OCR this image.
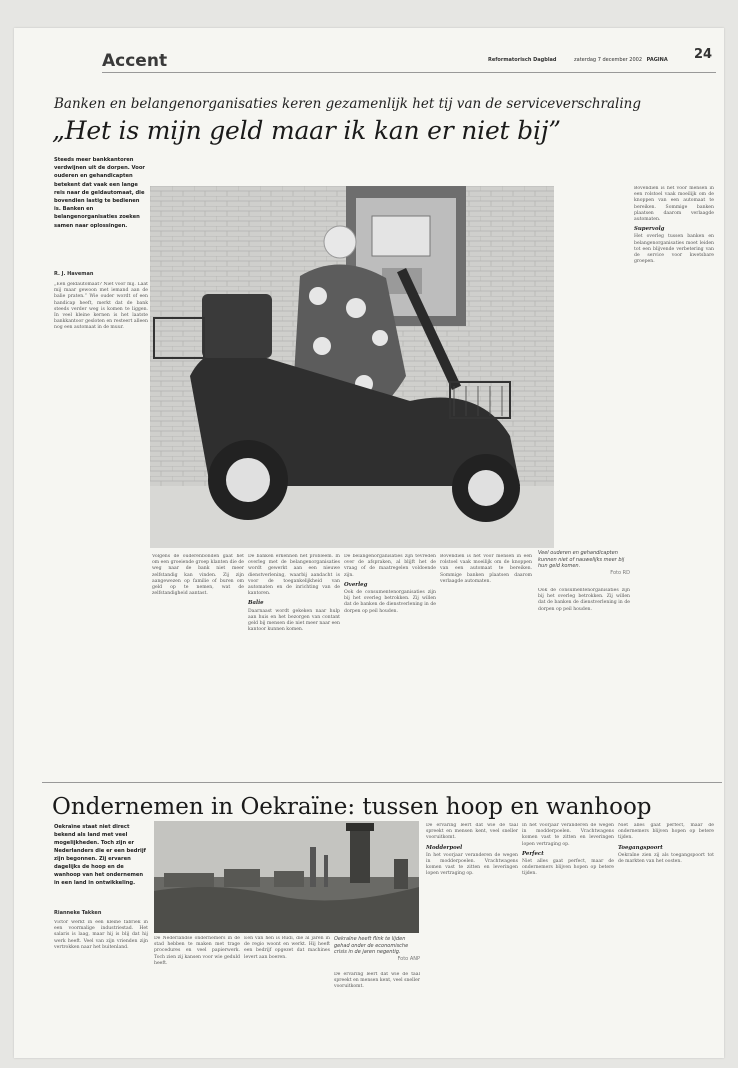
Accent	Reformatorisch Dagblad	zaterdag 7 december 2002 PAGINA 24
Banken en belangenorganisaties keren gezamenlijk het tij van de serviceverschraling
„Het is mijn geld maar ik kan er niet bij”
Steeds meer bankkantoren verdwijnen uit de dorpen. Voor ouderen en gehandicapten betekent dat vaak een lange reis naar de geldautomaat, die bovendien lastig te bedienen is. Banken en belangenorganisaties zoeken samen naar oplossingen.
R. J. Haveman
„Een geldautomaat? Niet voor mij. Laat mij maar gewoon met iemand aan de balie praten.” Wie ouder wordt of een handicap heeft, merkt dat de bank steeds verder weg is komen te liggen. In veel kleine kernen is het laatste bankkantoor gesloten en resteert alleen nog een automaat in de muur.
Volgens de ouderenbonden gaat het om een groeiende groep klanten die de weg naar de bank niet meer zelfstandig kan vinden. Zij zijn aangewezen op familie of buren om geld op te nemen, wat de zelfstandigheid aantast.
De banken erkennen het probleem. In overleg met de belangenorganisaties wordt gewerkt aan een nieuwe dienstverlening, waarbij aandacht is voor de toegankelijkheid van automaten en de inrichting van de kantoren.
Balie
Daarnaast wordt gekeken naar hulp aan huis en het bezorgen van contant geld bij mensen die niet meer naar een kantoor kunnen komen.
De belangenorganisaties zijn tevreden over de afspraken, al blijft het de vraag of de maatregelen voldoende zijn.
Overleg
Ook de consumentenorganisaties zijn bij het overleg betrokken. Zij willen dat de banken de dienstverlening in de dorpen op peil houden.
Bovendien is het voor mensen in een rolstoel vaak moeilijk om de knoppen van een automaat te bereiken. Sommige banken plaatsen daarom verlaagde automaten.
Veel ouderen en gehandicapten kunnen niet of nauwelijks meer bij hun geld komen.
Foto RD
Ook de consumentenorganisaties zijn bij het overleg betrokken. Zij willen dat de banken de dienstverlening in de dorpen op peil houden.
Bovendien is het voor mensen in een rolstoel vaak moeilijk om de knoppen van een automaat te bereiken. Sommige banken plaatsen daarom verlaagde automaten.
Supervolg
Het overleg tussen banken en belangenorganisaties moet leiden tot een blijvende verbetering van de service voor kwetsbare groepen.
Ondernemen in Oekraïne: tussen hoop en wanhoop
Oekraïne staat niet direct bekend als land met veel mogelijkheden. Toch zijn er Nederlanders die er een bedrijf zijn begonnen. Zij ervaren dagelijks de hoop en de wanhoop van het ondernemen in een land in ontwikkeling.
Rianneke Takken
Victor werkt in een kleine fabriek in een voormalige industriestad. Het salaris is laag, maar hij is blij dat hij werk heeft. Veel van zijn vrienden zijn vertrokken naar het buitenland.
De Nederlandse ondernemers in de stad hebben te maken met trage procedures en veel papierwerk. Toch zien zij kansen voor wie geduld heeft.
Een van hen is Rudi, die al jaren in de regio woont en werkt. Hij heeft een bedrijf opgezet dat machines levert aan boeren.
Oekraïne heeft flink te lijden gehad onder de economische crisis in de jaren negentig.
Foto ANP
De ervaring leert dat wie de taal spreekt en mensen kent, veel sneller vooruitkomt.
De ervaring leert dat wie de taal spreekt en mensen kent, veel sneller vooruitkomt.
Modderpoel
In het voorjaar veranderen de wegen in modderpoelen. Vrachtwagens komen vast te zitten en leveringen lopen vertraging op.
In het voorjaar veranderen de wegen in modderpoelen. Vrachtwagens komen vast te zitten en leveringen lopen vertraging op.
Perfect
Niet alles gaat perfect, maar de ondernemers blijven hopen op betere tijden.
Niet alles gaat perfect, maar de ondernemers blijven hopen op betere tijden.
Toegangspoort
Oekraïne zien zij als toegangspoort tot de markten van het oosten.
